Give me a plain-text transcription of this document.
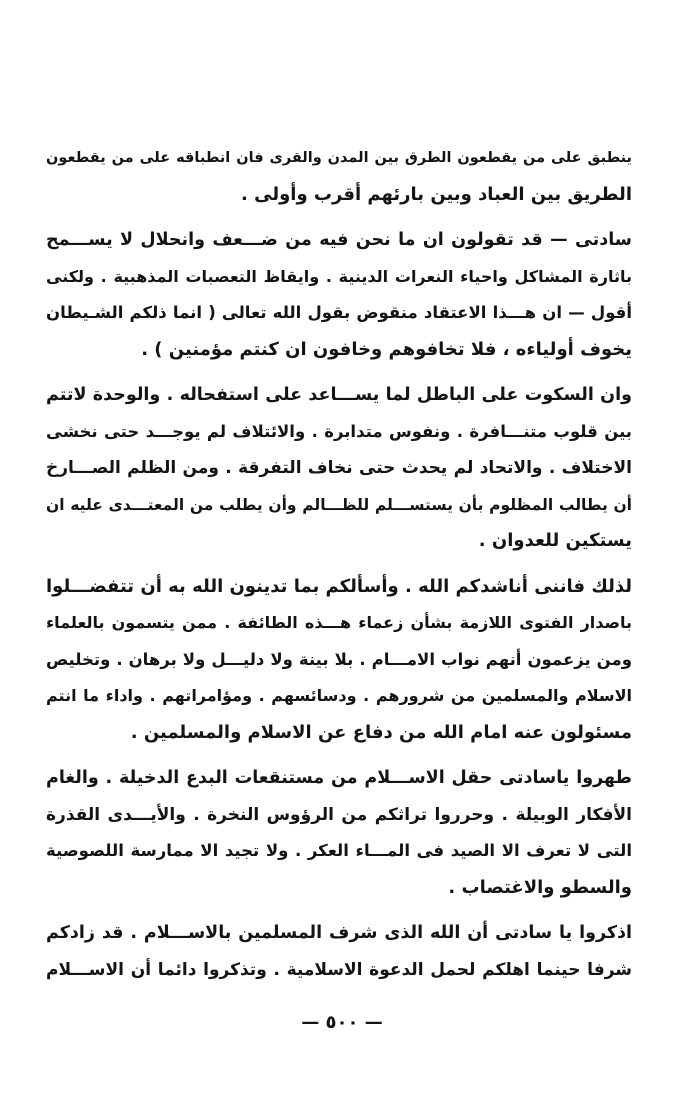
ينطبق على من يقطعون الطرق بين المدن والقرى فان انطباقه على من يقطعون
الطريق بين العباد وبين بارئهم أقرب وأولى .
سادتى — قد تقولون ان ما نحن فيه من ضـــعف وانحلال لا يســـمح
باثارة المشاكل واحياء النعرات الدينية . وايقاظ التعصبات المذهبية . ولكنى
أقول — ان هـــذا الاعتقاد منقوض بقول الله تعالى ( انما ذلكم الشـيطان
يخوف أولياءه ، فلا تخافوهم وخافون ان كنتم مؤمنين ) .
وان السكوت على الباطل لما يســـاعد على استفحاله . والوحدة لاتتم
بين قلوب متنـــافرة . ونفوس متدابرة . والائتلاف لم يوجـــد حتى نخشى
الاختلاف . والاتحاد لم يحدث حتى نخاف التفرقة . ومن الظلم الصـــارخ
أن يطالب المظلوم بأن يستســـلم للظـــالم وأن يطلب من المعتـــدى عليه ان
يستكين للعدوان .
لذلك فاننى أناشدكم الله . وأسألكم بما تدينون الله به أن تتفضـــلوا
باصدار الفتوى اللازمة بشأن زعماء هـــذه الطائفة . ممن يتسمون بالعلماء
ومن يزعمون أنهم نواب الامـــام . بلا بينة ولا دليـــل ولا برهان . وتخليص
الاسلام والمسلمين من شرورهم . ودسائسهم . ومؤامراتهم . واداء ما انتم
مسئولون عنه امام الله من دفاع عن الاسلام والمسلمين .
طهروا ياسادتى حقل الاســـلام من مستنقعات البدع الدخيلة . والغام
الأفكار الوبيلة . وحرروا تراثكم من الرؤوس النخرة . والأيـــدى القذرة
التى لا تعرف الا الصيد فى المـــاء العكر . ولا تجيد الا ممارسة اللصوصية
والسطو والاغتصاب .
اذكروا يا سادتى أن الله الذى شرف المسلمين بالاســـلام . قد زادكم
شرفا حينما اهلكم لحمل الدعوة الاسلامية . وتذكروا دائما أن الاســـلام
— ٥٠٠ —
